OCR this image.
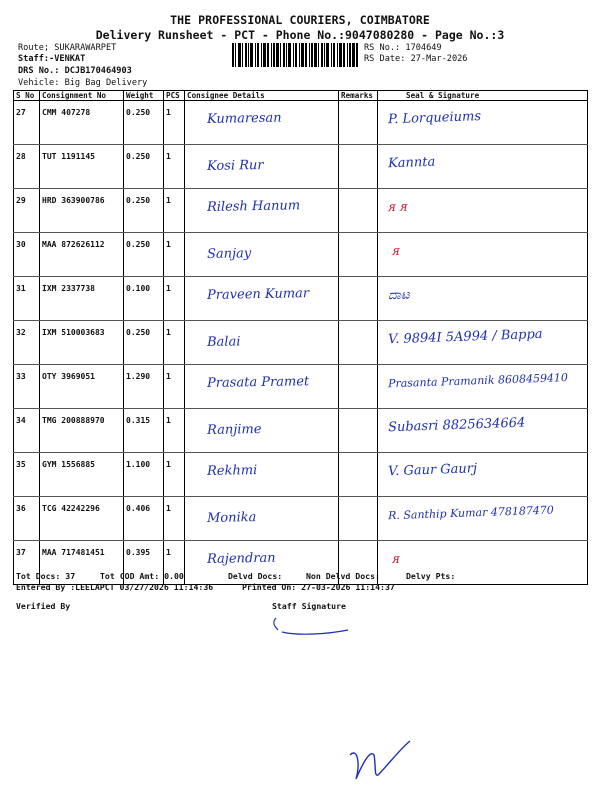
THE PROFESSIONAL COURIERS, COIMBATORE
Delivery Runsheet - PCT - Phone No.:9047080280 - Page No.:3
Route; SUKARAWARPET
Staff:-VENKAT
DRS No.: DCJB170464903
Vehicle: Big Bag Delivery
RS No.: 1704649
RS Date: 27-Mar-2026
S No	Consignment No	Weight	PCS	Consignee Details	Remarks	Seal & Signature
27	CMM 407278	0.250	1	Kumaresan		P. Lorqueiums

28	TUT 1191145	0.250	1	Kosi Rur		Kannta

29	HRD 363900786	0.250	1	Rilesh Hanum		ᴙ ᴙ

30	MAA 872626112	0.250	1	Sanjay		ᴙ

31	IXM 2337738	0.100	1	Praveen Kumar		ದಾಟ

32	IXM 510003683	0.250	1	Balai		V. 9894I 5A994 / Bappa

33	OTY 3969051	1.290	1	Prasata Pramet		Prasanta Pramanik 8608459410

34	TMG 200888970	0.315	1	Ranjime		Subasri 8825634664

35	GYM 1556885	1.100	1	Rekhmi		V. Gaur Gaurj

36	TCG 42242296	0.406	1	Monika		R. Santhip Kumar 478187470

37	MAA 717481451	0.395	1	Rajendran		ᴙ
Tot Docs: 37	Tot COD Amt: 0.00	Delvd Docs:	Non Delvd Docs:	Delvy Pts:
Entered By :LEELAPCT 03/27/2026 11:14:36	Printed On: 27-03-2026 11:14:37
Verified By	Staff Signature
